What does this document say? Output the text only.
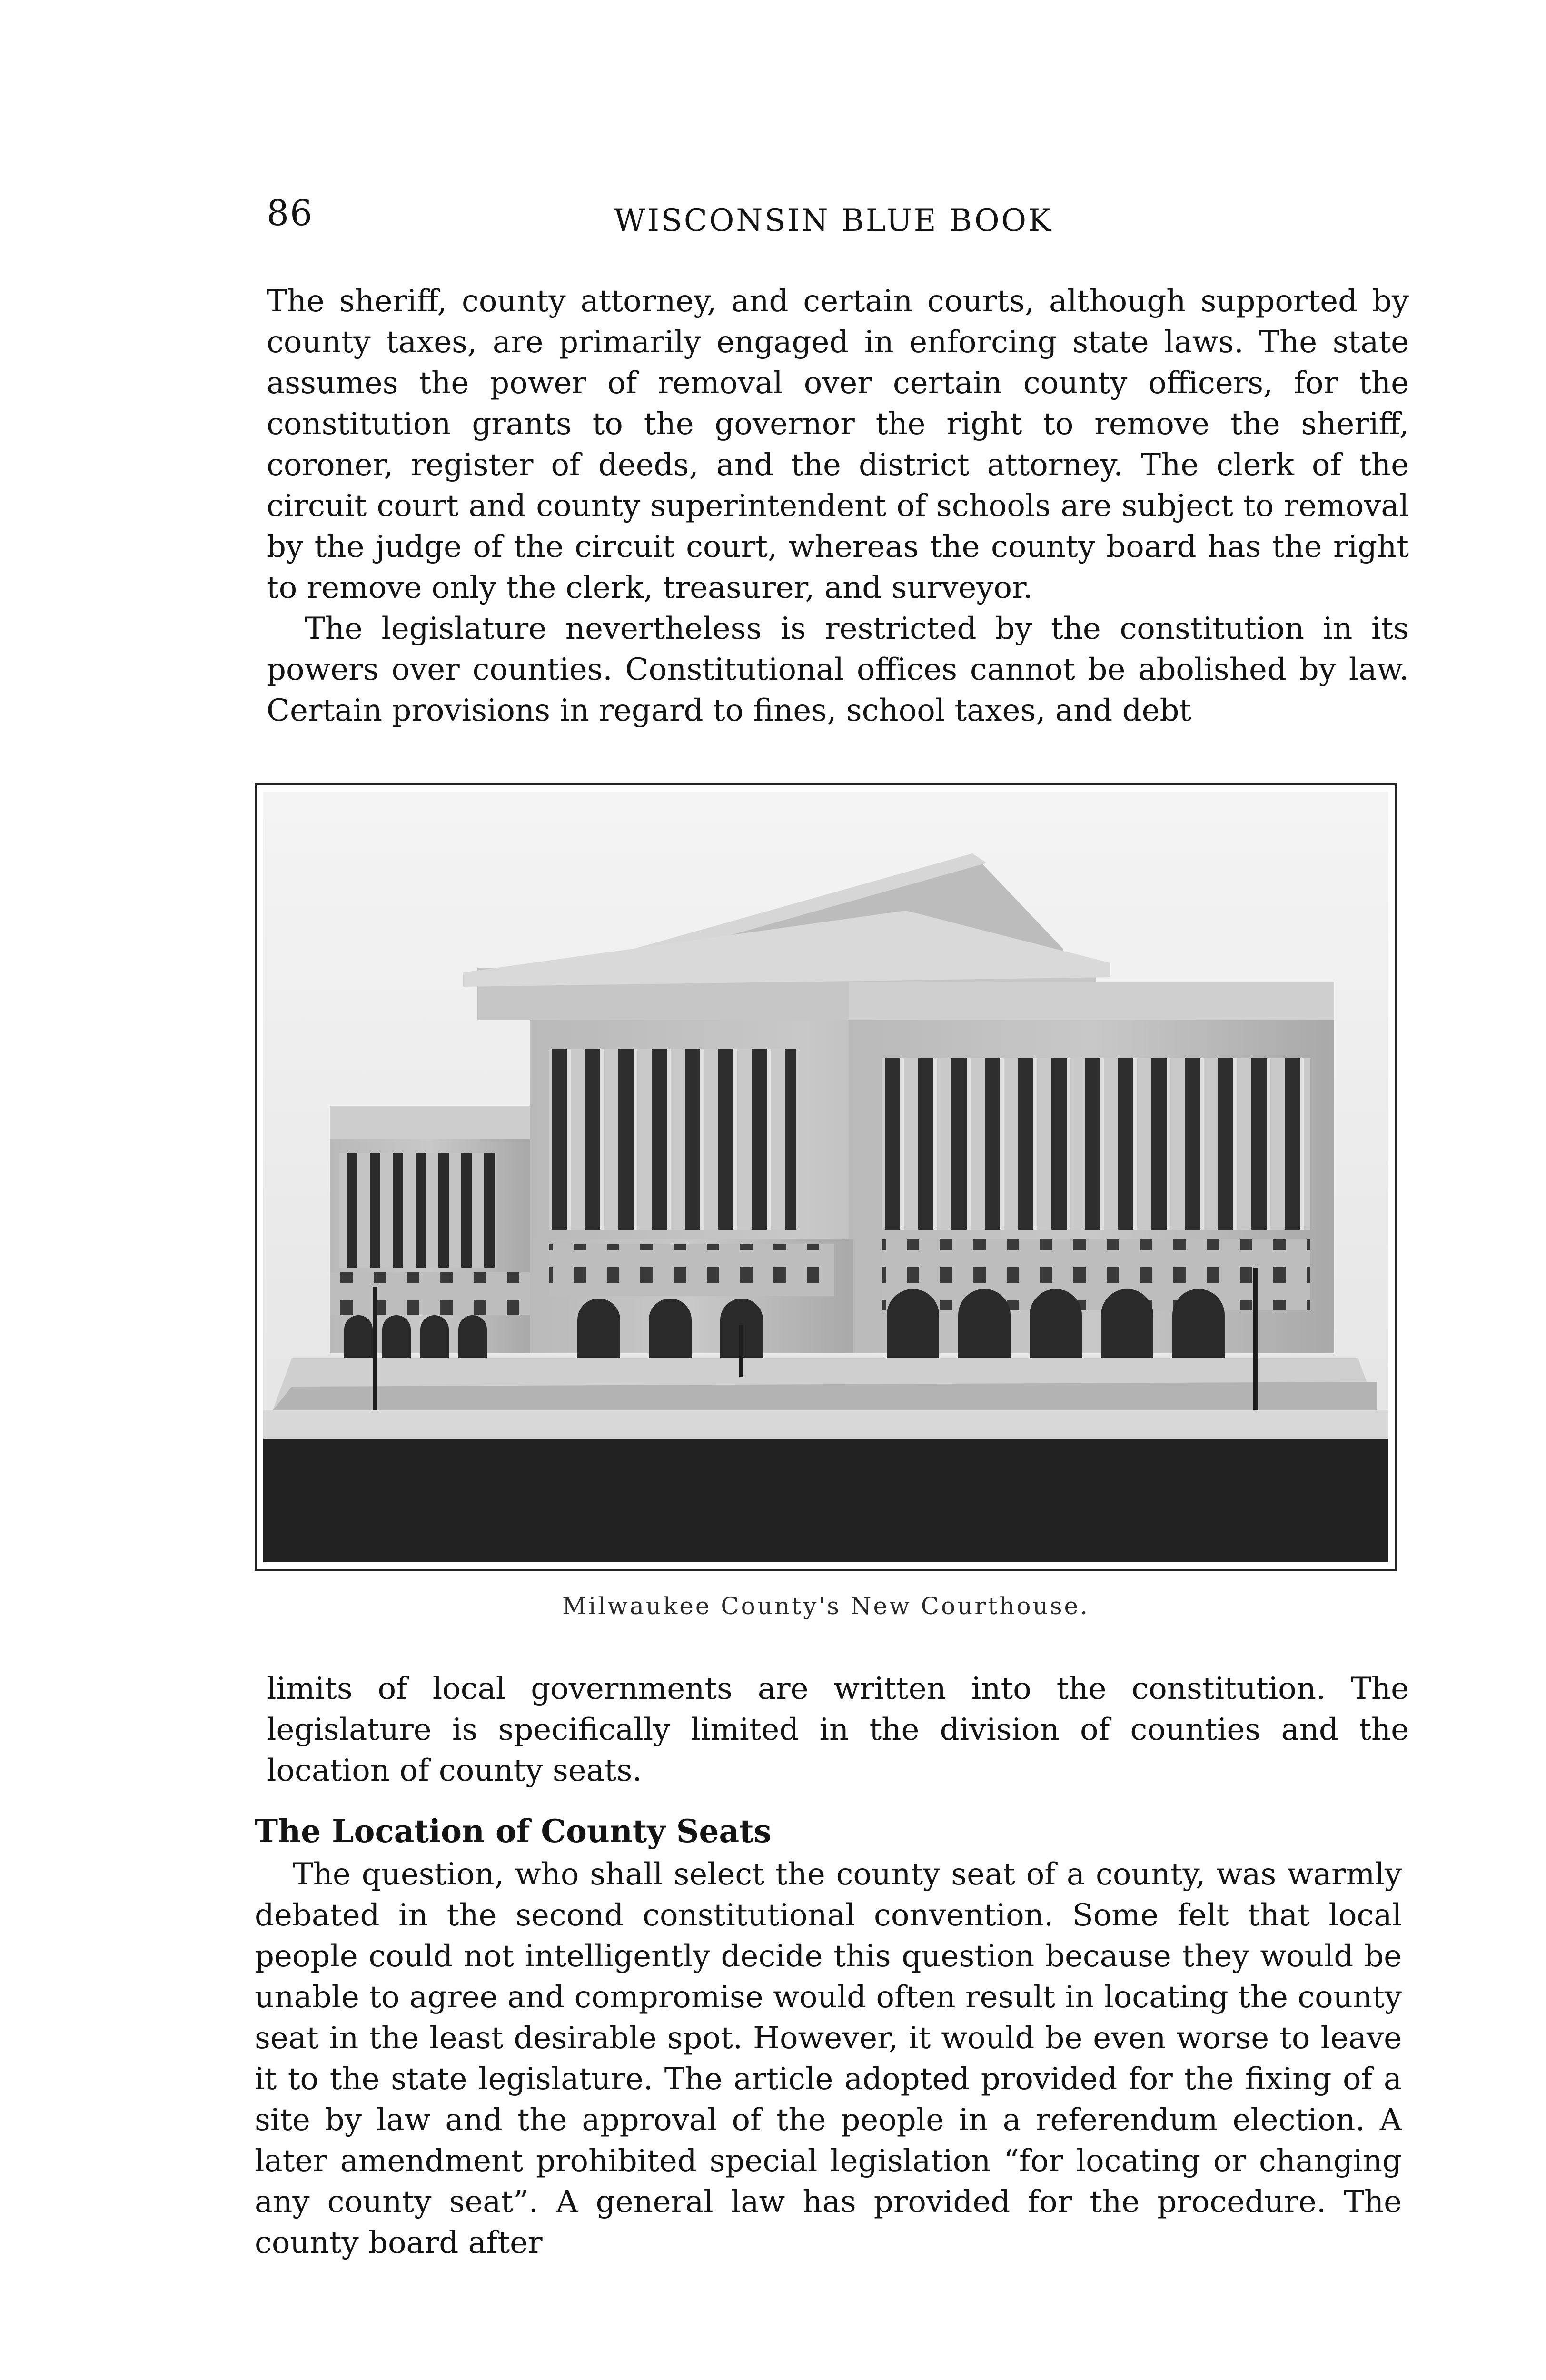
86	WISCONSIN BLUE BOOK

The sheriff, county attorney, and certain courts, although supported by county taxes, are primarily engaged in enforcing state laws. The state assumes the power of removal over certain county officers, for the constitution grants to the governor the right to remove the sheriff, coroner, register of deeds, and the district attorney. The clerk of the circuit court and county superintendent of schools are subject to removal by the judge of the circuit court, whereas the county board has the right to remove only the clerk, treasurer, and surveyor.

The legislature nevertheless is restricted by the constitution in its powers over counties. Constitutional offices cannot be abolished by law. Certain provisions in regard to fines, school taxes, and debt

Milwaukee County's New Courthouse.

limits of local governments are written into the constitution. The legislature is specifically limited in the division of counties and the location of county seats.

The Location of County Seats

The question, who shall select the county seat of a county, was warmly debated in the second constitutional convention. Some felt that local people could not intelligently decide this question because they would be unable to agree and compromise would often result in locating the county seat in the least desirable spot. However, it would be even worse to leave it to the state legislature. The article adopted provided for the fixing of a site by law and the approval of the people in a referendum election. A later amendment prohibited special legislation “for locating or changing any county seat”. A general law has provided for the procedure. The county board after
